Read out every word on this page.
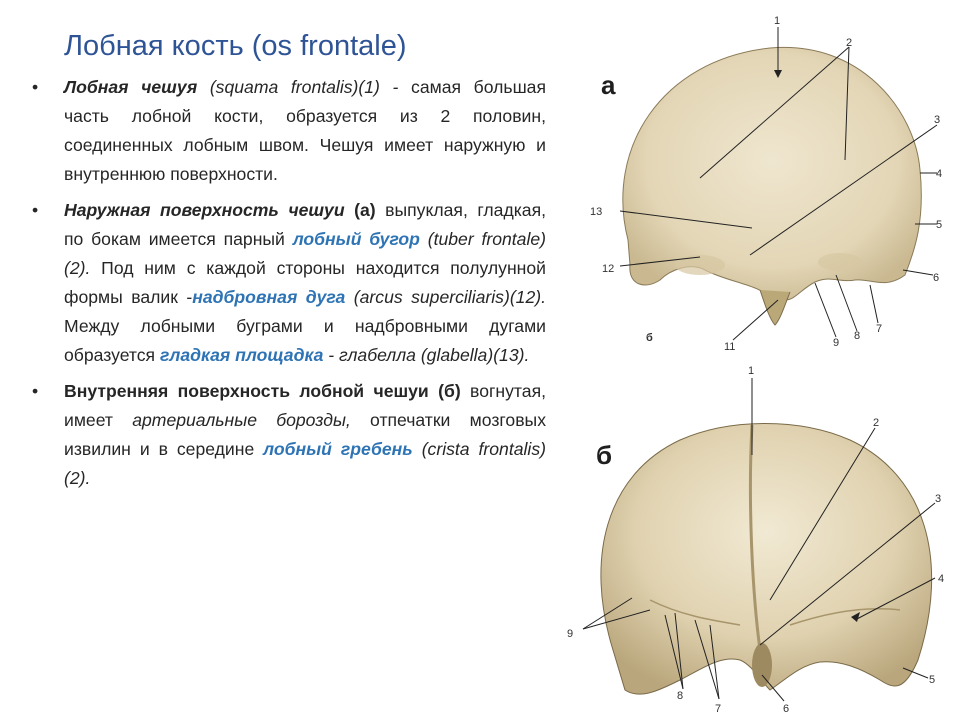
Лобная кость (os frontale)
• Лобная чешуя (squama frontalis)(1) - самая большая часть лобной кости, образуется из 2 половин, соединенных лобным швом. Чешуя имеет наружную и внутреннюю поверхности.
• Наружная поверхность чешуи (а) выпуклая, гладкая, по бокам имеется парный лобный бугор (tuber frontale) (2). Под ним с каждой стороны находится полулунной формы валик -надбровная дуга (arcus superciliaris)(12). Между лобными буграми и надбровными дугами образуется гладкая площадка - глабелла (glabella)(13).
• Внутренняя поверхность лобной чешуи (б) вогнутая, имеет артериальные борозды, отпечатки мозговых извилин и в середине лобный гребень (crista frontalis) (2).
а
б
1
2
3
4
5
6
7
8
9
11
12
13
б
1
2
3
4
5
6
7
8
9
